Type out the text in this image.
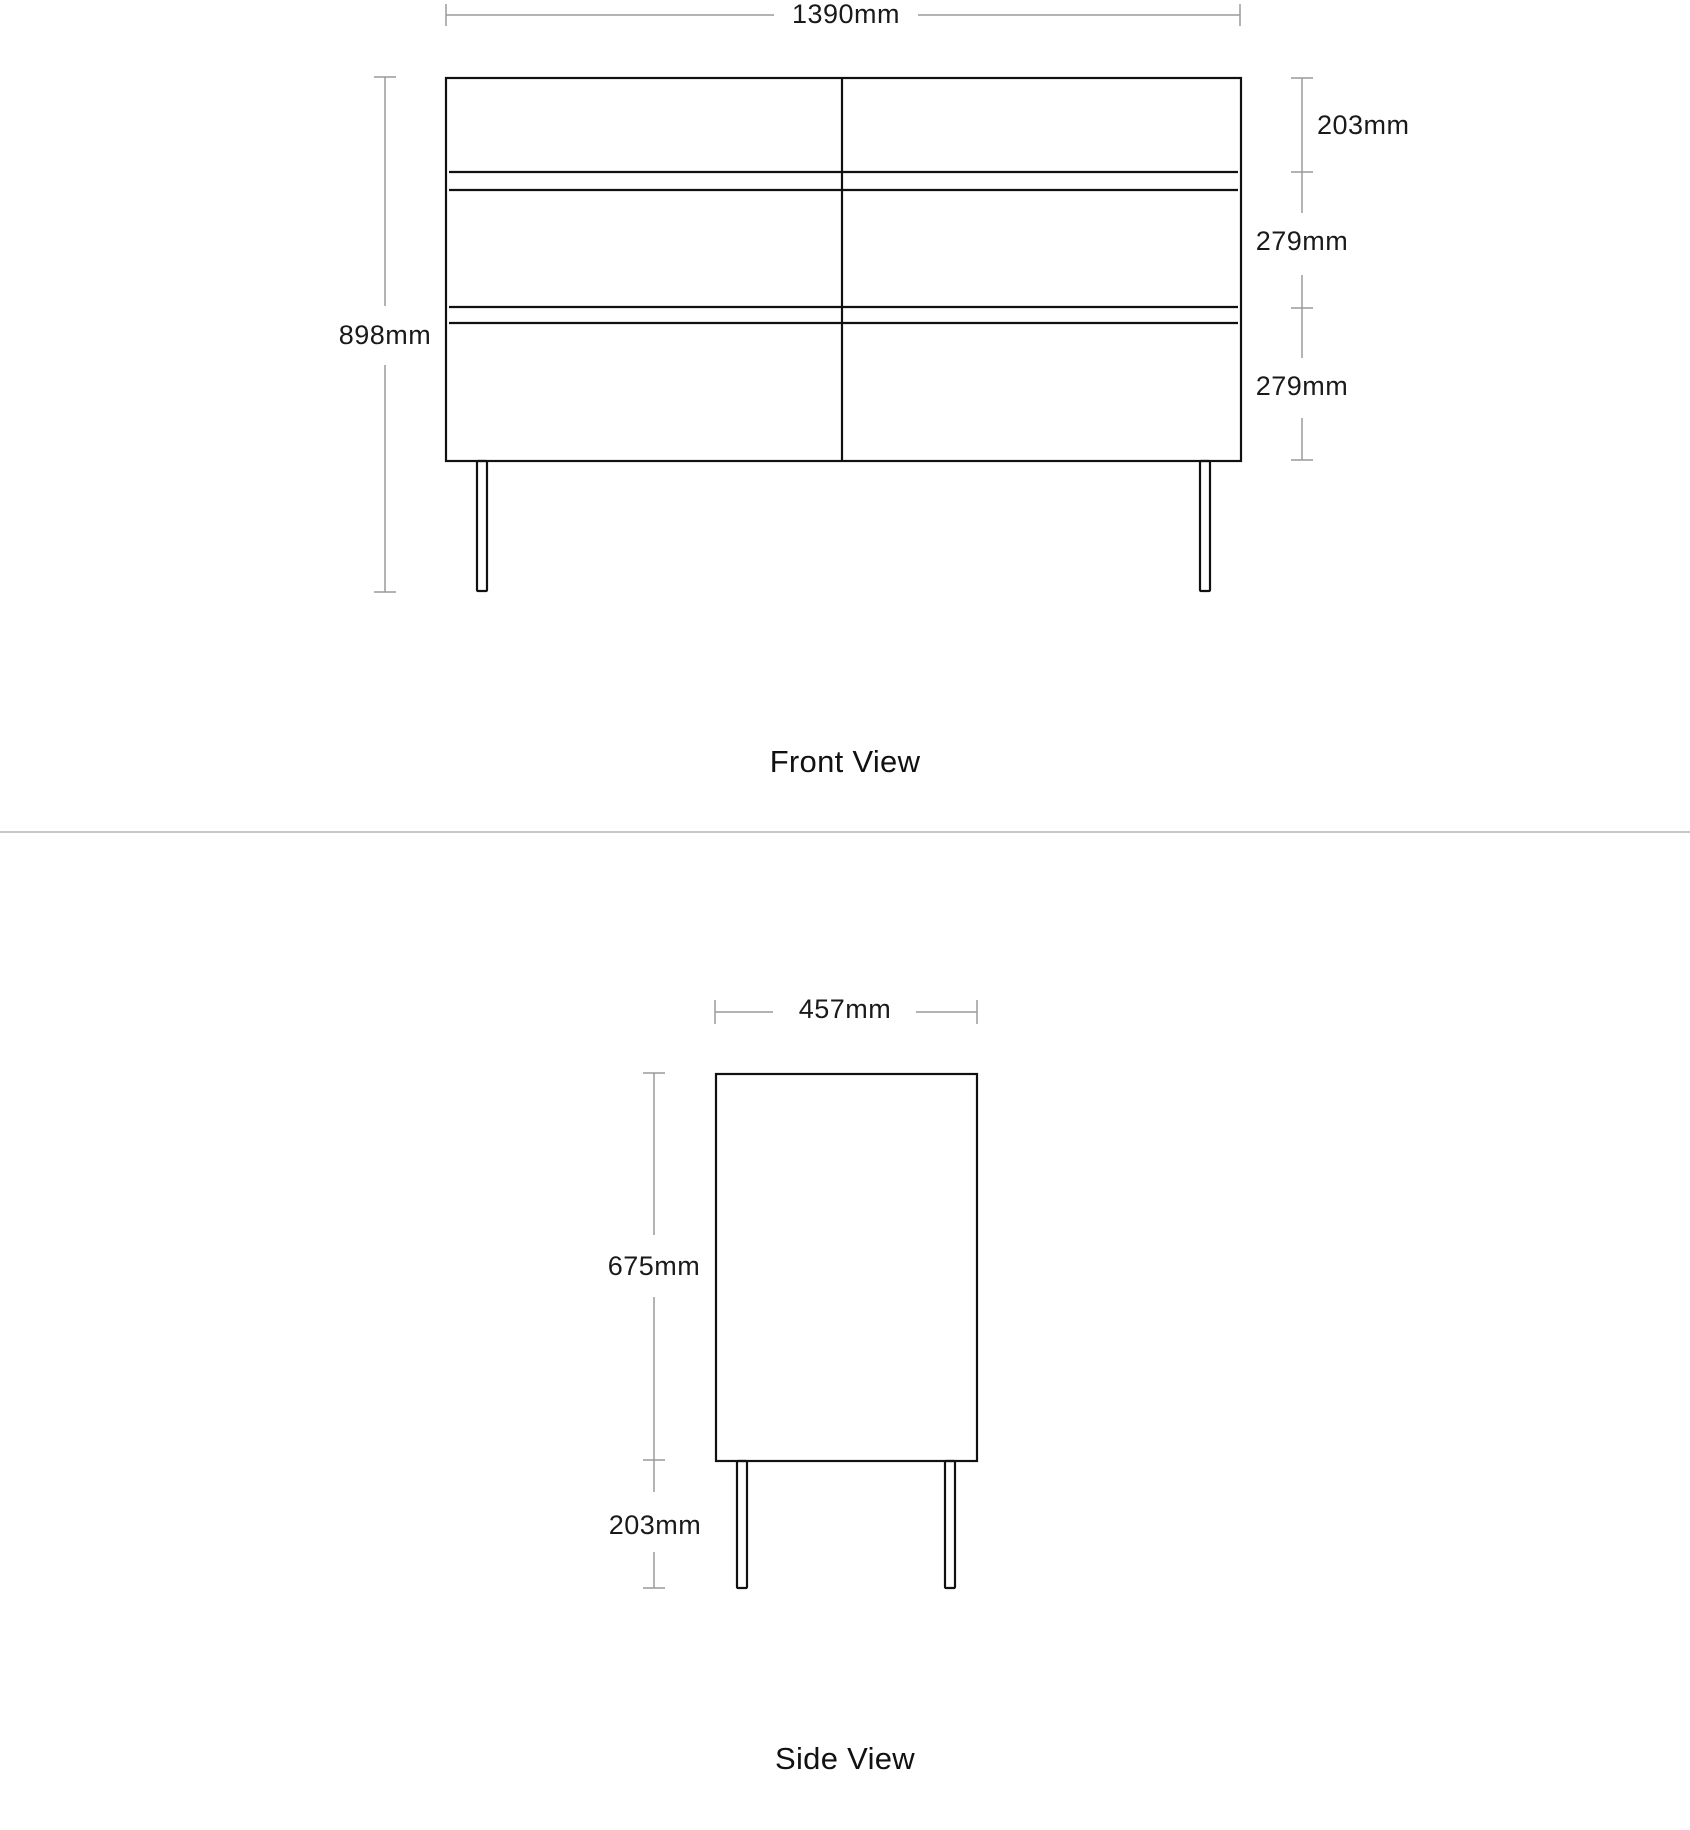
1390mm
898mm
203mm
279mm
279mm
Front View
457mm
675mm
203mm
Side View
